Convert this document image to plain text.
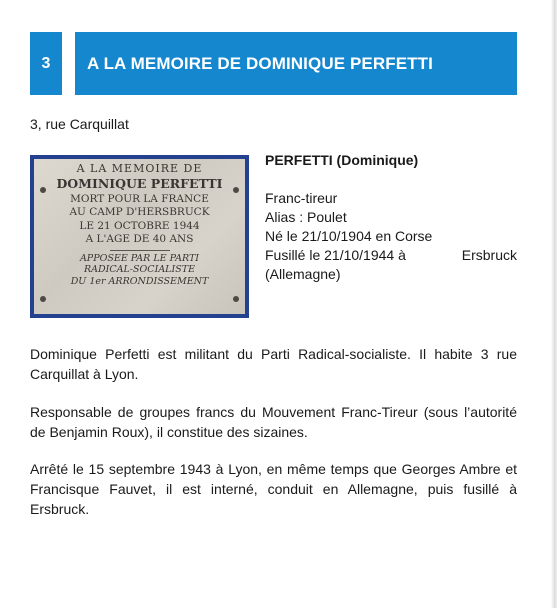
3	A LA MEMOIRE DE DOMINIQUE PERFETTI
3, rue Carquillat
A LA MEMOIRE DE
DOMINIQUE PERFETTI
MORT POUR LA FRANCE
AU CAMP D'HERSBRUCK
LE 21 OCTOBRE 1944
A L'AGE DE 40 ANS
APPOSEE PAR LE PARTI
RADICAL-SOCIALISTE
DU 1er ARRONDISSEMENT
PERFETTI (Dominique)
Franc-tireur
Alias : Poulet
Né le 21/10/1904 en Corse
Fusillé le 21/10/1944 à	Ersbruck
(Allemagne)

Dominique Perfetti est militant du Parti Radical-socialiste. Il habite 3 rue Carquillat à Lyon.

Responsable de groupes francs du Mouvement Franc-Tireur (sous l’autorité de Benjamin Roux), il constitue des sizaines.

Arrêté le 15 septembre 1943 à Lyon, en même temps que Georges Ambre et Francisque Fauvet, il est interné, conduit en Allemagne, puis fusillé à Ersbruck.
